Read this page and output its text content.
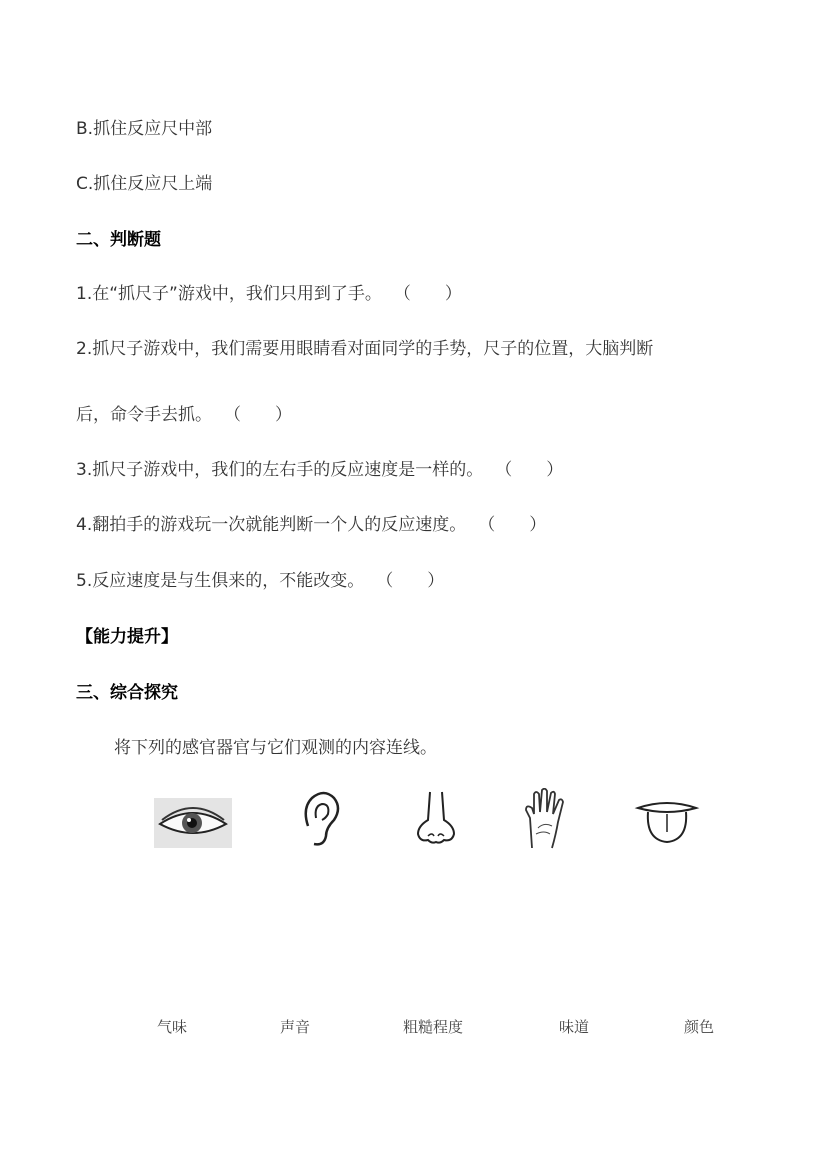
B.抓住反应尺中部
C.抓住反应尺上端
二、判断题
1.在“抓尺子”游戏中，我们只用到了手。 （　　）
2.抓尺子游戏中，我们需要用眼睛看对面同学的手势，尺子的位置，大脑判断
后，命令手去抓。 （　　）
3.抓尺子游戏中，我们的左右手的反应速度是一样的。 （　　）
4.翻拍手的游戏玩一次就能判断一个人的反应速度。 （　　）
5.反应速度是与生俱来的，不能改变。 （　　）
【能力提升】
三、综合探究
将下列的感官器官与它们观测的内容连线。
气味	声音	粗糙程度	味道	颜色
